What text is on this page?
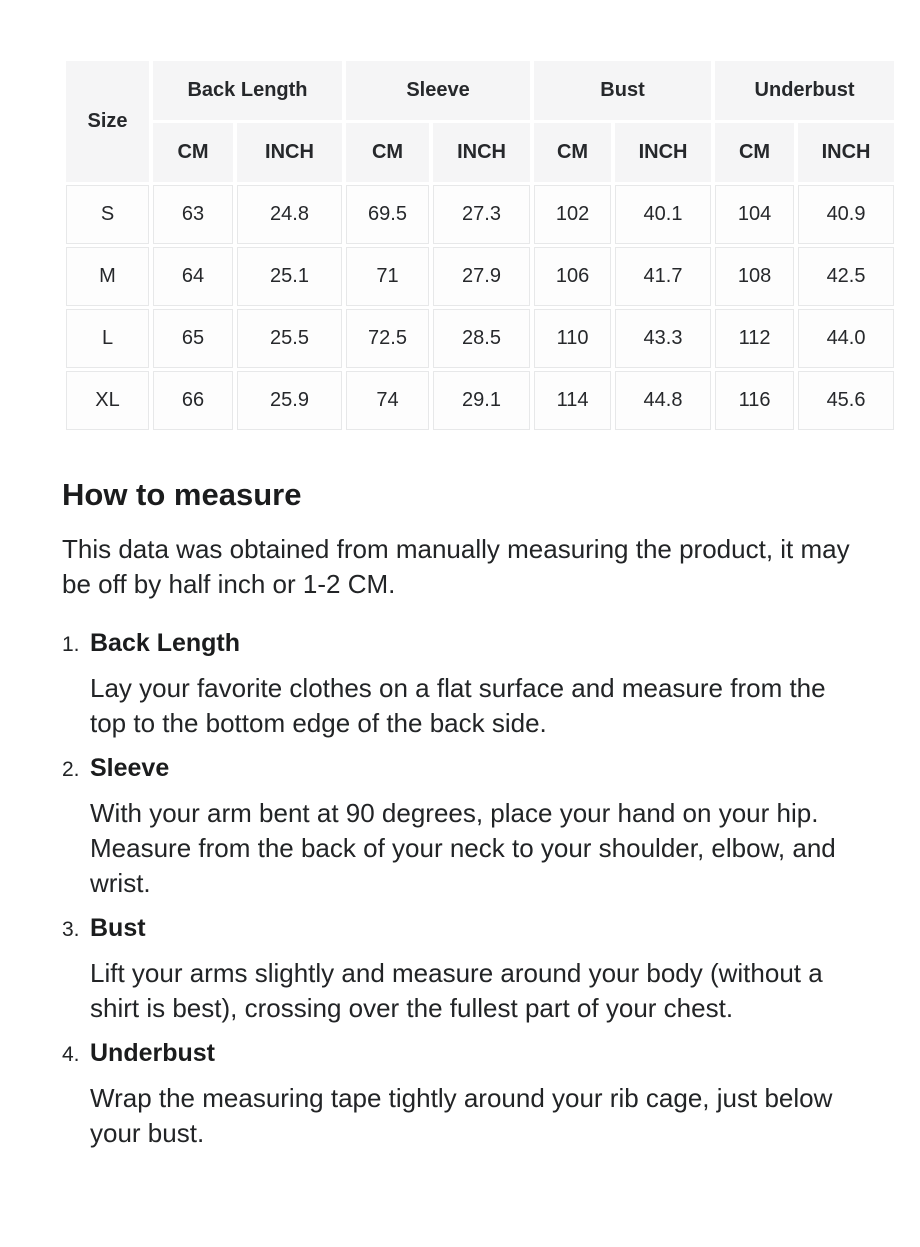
Size	Back Length		Sleeve		Bust		Underbust	
	CM	INCH	CM	INCH	CM	INCH	CM	INCH
S	63	24.8	69.5	27.3	102	40.1	104	40.9
M	64	25.1	71	27.9	106	41.7	108	42.5
L	65	25.5	72.5	28.5	110	43.3	112	44.0
XL	66	25.9	74	29.1	114	44.8	116	45.6
How to measure

This data was obtained from manually measuring the product, it may be off by half inch or 1-2 CM.

1. Back Length
Lay your favorite clothes on a flat surface and measure from the top to the bottom edge of the back side.
2. Sleeve
With your arm bent at 90 degrees, place your hand on your hip. Measure from the back of your neck to your shoulder, elbow, and wrist.
3. Bust
Lift your arms slightly and measure around your body (without a shirt is best), crossing over the fullest part of your chest.
4. Underbust
Wrap the measuring tape tightly around your rib cage, just below your bust.
